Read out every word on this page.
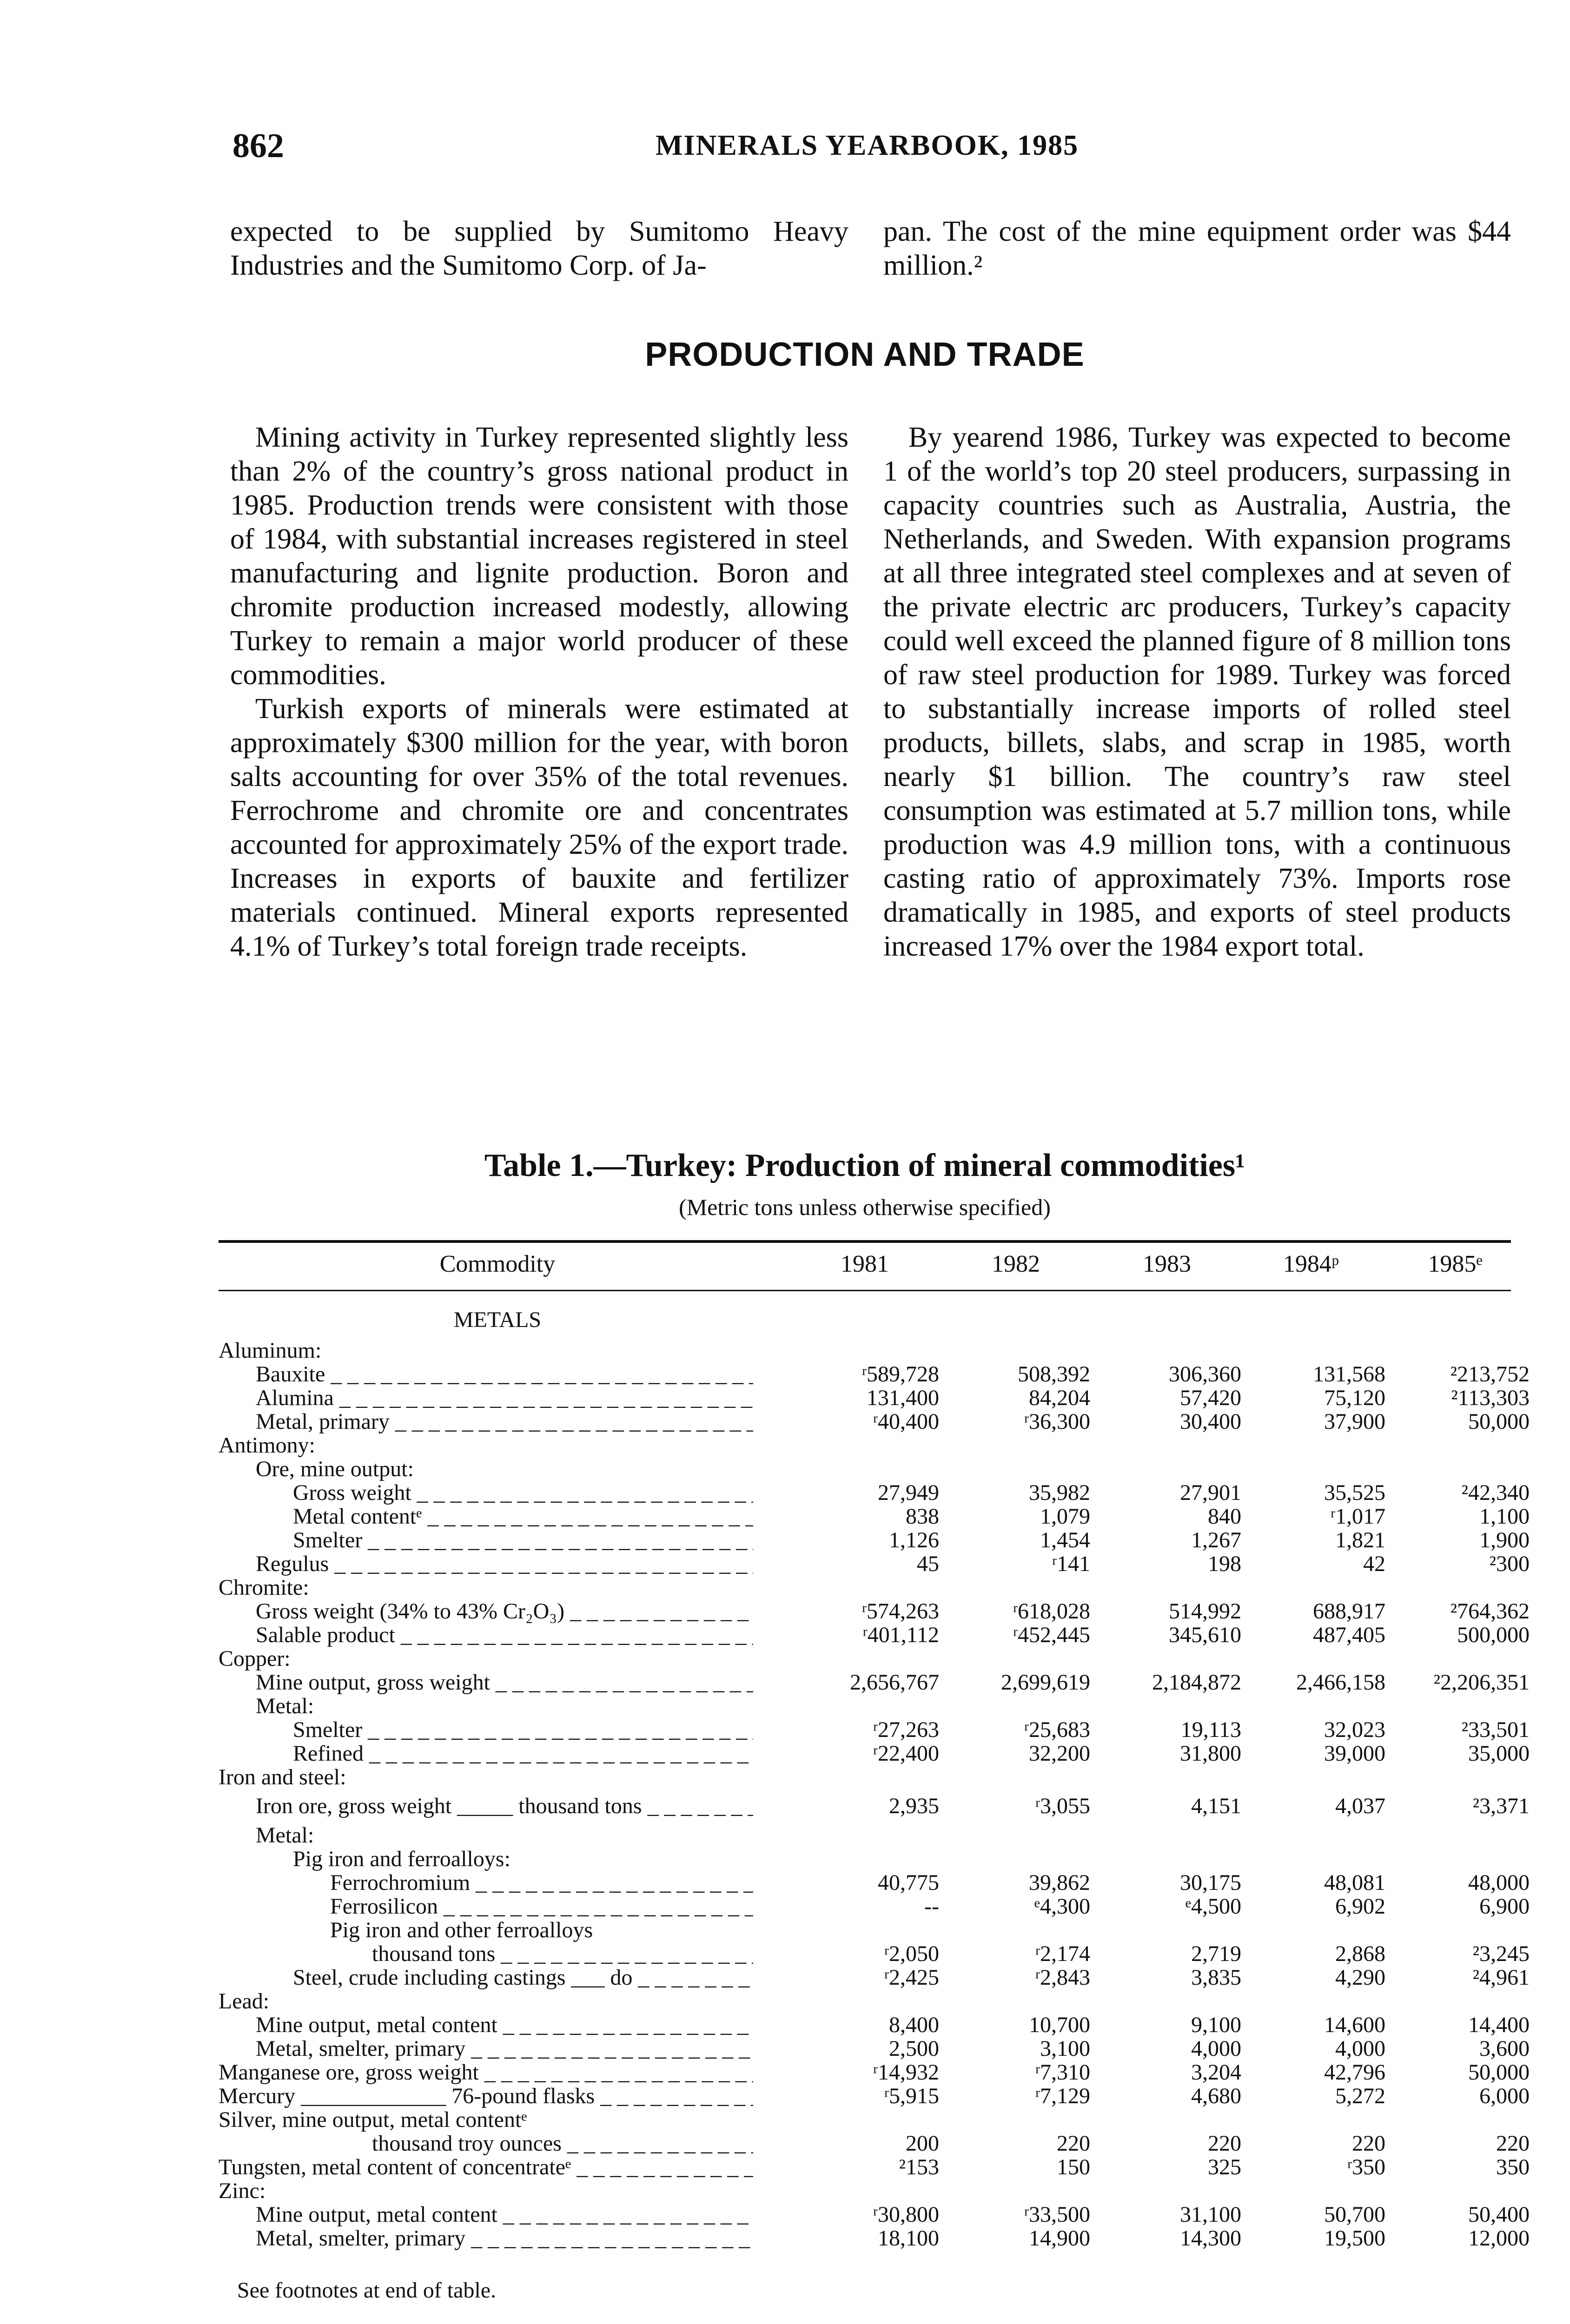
862	MINERALS YEARBOOK, 1985

expected to be supplied by Sumitomo Heavy Industries and the Sumitomo Corp. of Ja-

pan. The cost of the mine equipment order was $44 million.²

PRODUCTION AND TRADE

Mining activity in Turkey represented slightly less than 2% of the country’s gross national product in 1985. Production trends were consistent with those of 1984, with substantial increases registered in steel manufacturing and lignite production. Boron and chromite production increased modestly, allowing Turkey to remain a major world producer of these commodities.

Turkish exports of minerals were estimated at approximately $300 million for the year, with boron salts accounting for over 35% of the total revenues. Ferrochrome and chromite ore and concentrates accounted for approximately 25% of the export trade. Increases in exports of bauxite and fertilizer materials continued. Mineral exports represented 4.1% of Turkey’s total foreign trade receipts.

By yearend 1986, Turkey was expected to become 1 of the world’s top 20 steel producers, surpassing in capacity countries such as Australia, Austria, the Netherlands, and Sweden. With expansion programs at all three integrated steel complexes and at seven of the private electric arc producers, Turkey’s capacity could well exceed the planned figure of 8 million tons of raw steel production for 1989. Turkey was forced to substantially increase imports of rolled steel products, billets, slabs, and scrap in 1985, worth nearly $1 billion. The country’s raw steel consumption was estimated at 5.7 million tons, while production was 4.9 million tons, with a continuous casting ratio of approximately 73%. Imports rose dramatically in 1985, and exports of steel products increased 17% over the 1984 export total.

Table 1.—Turkey: Production of mineral commodities¹
(Metric tons unless otherwise specified)
Commodity	1981	1982	1983	1984ᵖ	1985ᵉ
METALS
Aluminum:
Bauxite _ _ _	ʳ589,728	508,392	306,360	131,568	²213,752
Alumina _ _ _	131,400	84,204	57,420	75,120	²113,303
Metal, primary _ _ _	ʳ40,400	ʳ36,300	30,400	37,900	50,000
Antimony:
Ore, mine output:
Gross weight _ _ _	27,949	35,982	27,901	35,525	²42,340
Metal contentᵉ _ _ _	838	1,079	840	ʳ1,017	1,100
Smelter _ _ _	1,126	1,454	1,267	1,821	1,900
Regulus _ _ _	45	ʳ141	198	42	²300
Chromite:
Gross weight (34% to 43% Cr₂O₃) _ _ _	ʳ574,263	ʳ618,028	514,992	688,917	²764,362
Salable product _ _ _	ʳ401,112	ʳ452,445	345,610	487,405	500,000
Copper:
Mine output, gross weight _ _ _	2,656,767	2,699,619	2,184,872	2,466,158	²2,206,351
Metal:
Smelter _ _ _	ʳ27,263	ʳ25,683	19,113	32,023	²33,501
Refined _ _ _	ʳ22,400	32,200	31,800	39,000	35,000
Iron and steel:
Iron ore, gross weight _____ thousand tons _ _ _	2,935	ʳ3,055	4,151	4,037	²3,371
Metal:
Pig iron and ferroalloys:
Ferrochromium _ _ _	40,775	39,862	30,175	48,081	48,000
Ferrosilicon _ _ _	--	ᵉ4,300	ᵉ4,500	6,902	6,900
Pig iron and other ferroalloys
thousand tons _ _ _	ʳ2,050	ʳ2,174	2,719	2,868	²3,245
Steel, crude including castings ___ do _ _ _	ʳ2,425	ʳ2,843	3,835	4,290	²4,961
Lead:
Mine output, metal content _ _ _	8,400	10,700	9,100	14,600	14,400
Metal, smelter, primary _ _ _	2,500	3,100	4,000	4,000	3,600
Manganese ore, gross weight _ _ _	ʳ14,932	ʳ7,310	3,204	42,796	50,000
Mercury _____________ 76-pound flasks _ _ _	ʳ5,915	ʳ7,129	4,680	5,272	6,000
Silver, mine output, metal contentᵉ
thousand troy ounces _ _ _	200	220	220	220	220
Tungsten, metal content of concentrateᵉ _ _ _	²153	150	325	ʳ350	350
Zinc:
Mine output, metal content _ _ _	ʳ30,800	ʳ33,500	31,100	50,700	50,400
Metal, smelter, primary _ _ _	18,100	14,900	14,300	19,500	12,000
See footnotes at end of table.
